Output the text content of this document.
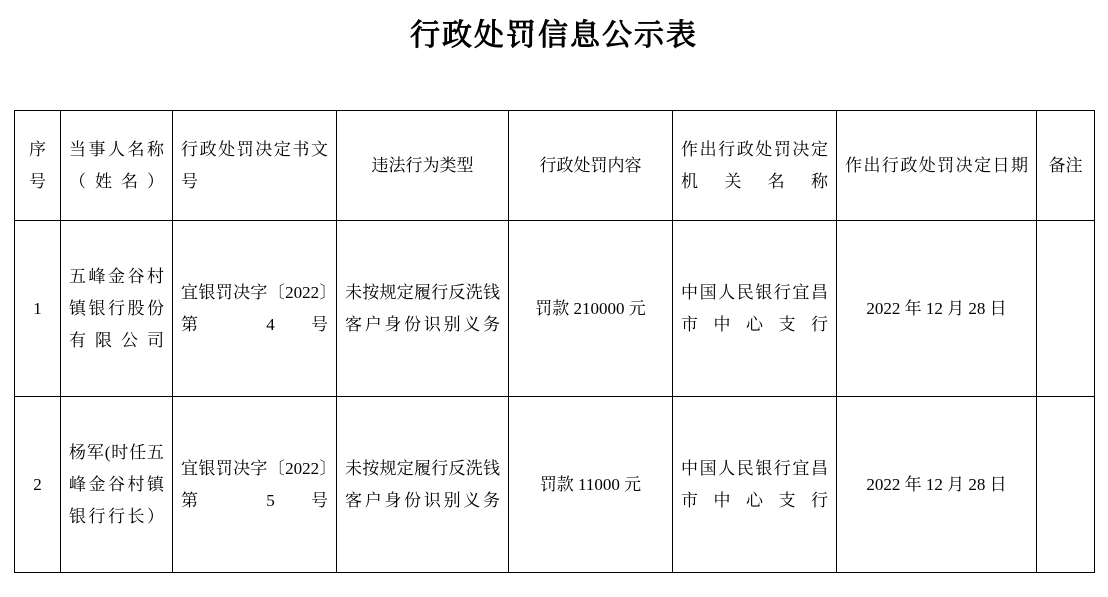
行政处罚信息公示表
序号	当事人名称（姓名）	行政处罚决定书文号	违法行为类型	行政处罚内容	作出行政处罚决定机关名称	作出行政处罚决定日期	备注

1	五峰金谷村镇银行股份有限公司	宜银罚决字〔2022〕第 4 号	未按规定履行反洗钱客户身份识别义务	罚款 210000 元	中国人民银行宜昌市中心支行	2022 年 12 月 28 日	

2	杨军(时任五峰金谷村镇银行行长）	宜银罚决字〔2022〕第 5 号	未按规定履行反洗钱客户身份识别义务	罚款 11000 元	中国人民银行宜昌市中心支行	2022 年 12 月 28 日	
